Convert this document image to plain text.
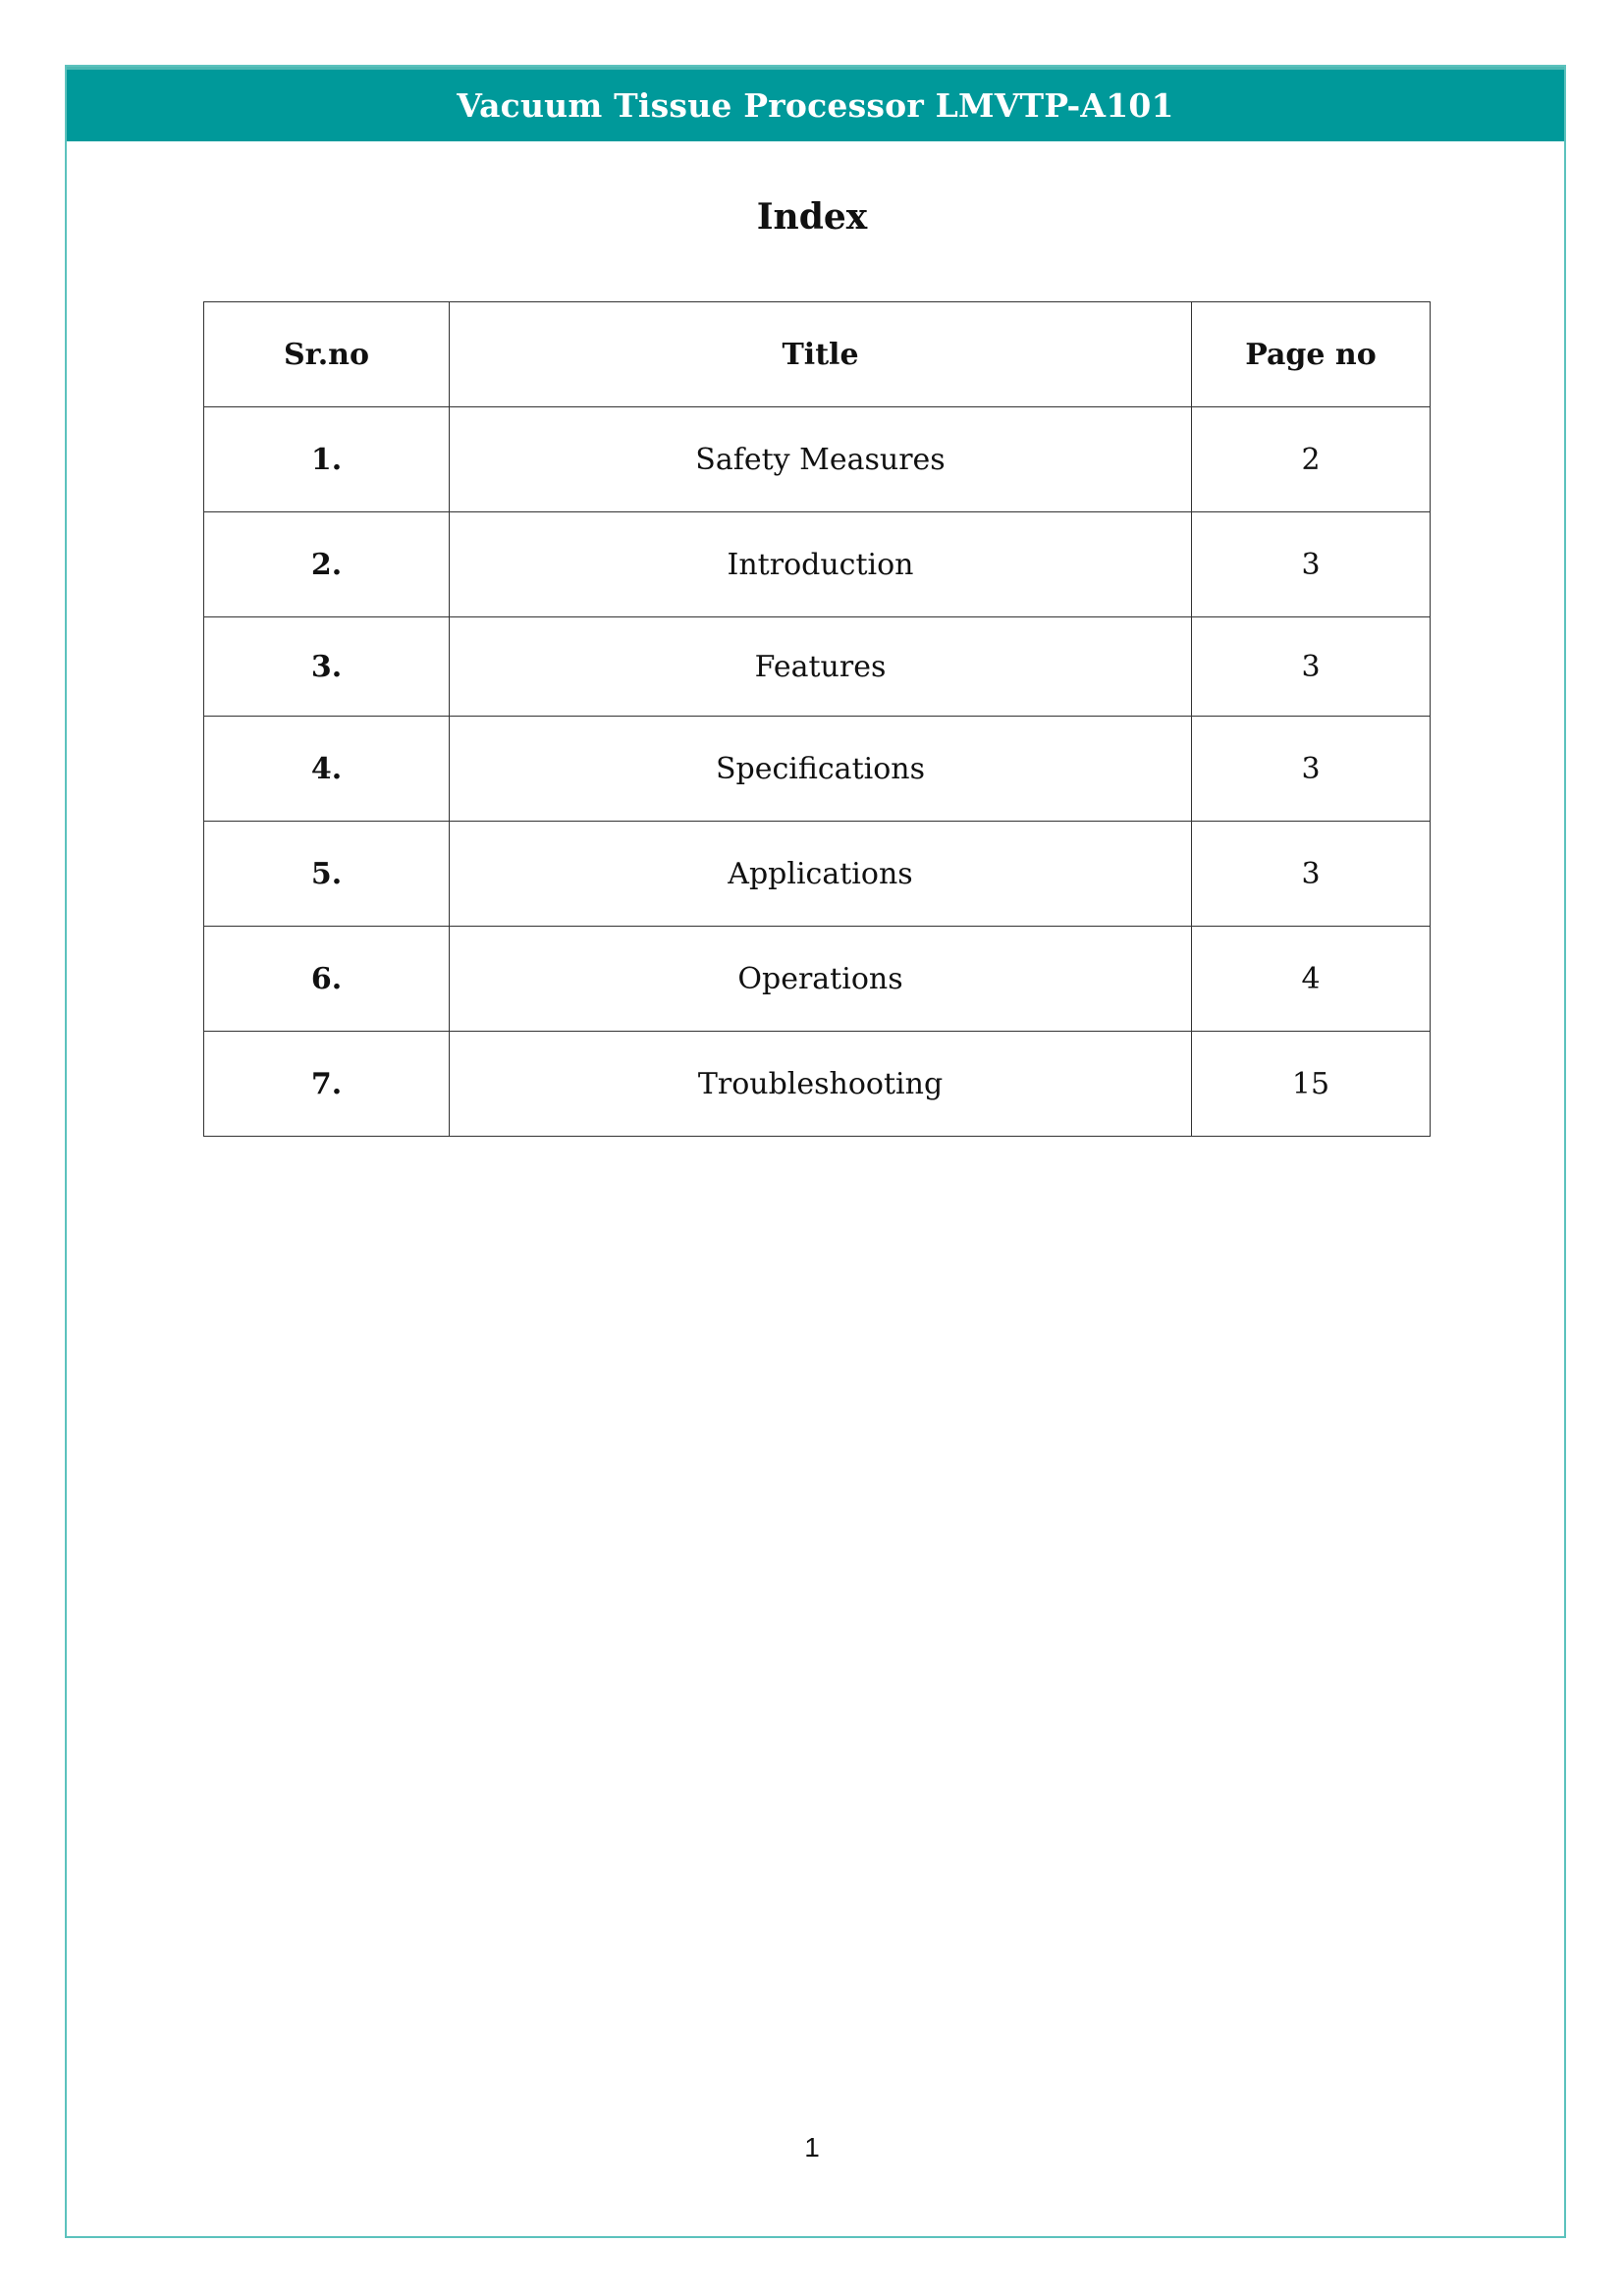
Vacuum Tissue Processor LMVTP-A101
Index
Sr.no	Title	Page no
1.	Safety Measures	2
2.	Introduction	3
3.	Features	3
4.	Specifications	3
5.	Applications	3
6.	Operations	4
7.	Troubleshooting	15
1
